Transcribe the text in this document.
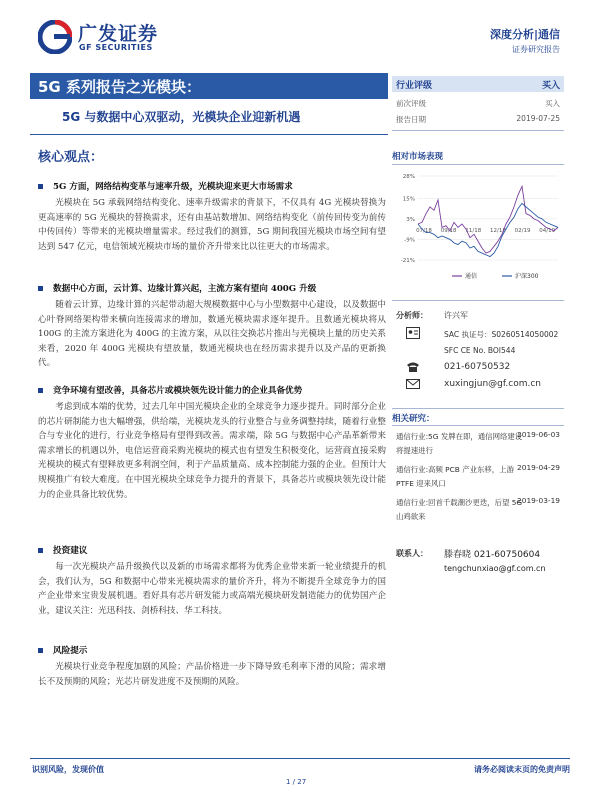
广发证券
GF SECURITIES
深度分析|通信
证券研究报告
5G 系列报告之光模块：
5G 与数据中心双驱动，光模块企业迎新机遇
核心观点：
5G 方面，网络结构变革与速率升级，光模块迎来更大市场需求
光模块在 5G 承载网络结构变化、速率升级需求的背景下，不仅具有 4G 光模块替换为更高速率的 5G 光模块的替换需求，还有由基站数增加、网络结构变化（前传回传变为前传中传回传）等带来的光模块增量需求。经过我们的测算，5G 期间我国光模块市场空间有望达到 547 亿元，电信领域光模块市场的量价齐升带来比以往更大的市场需求。
数据中心方面，云计算、边缘计算兴起，主流方案有望向 400G 升级
随着云计算，边缘计算的兴起带动超大规模数据中心与小型数据中心建设，以及数据中心叶脊网络架构带来横向连接需求的增加，数通光模块需求逐年提升。且数通光模块将从 100G 的主流方案进化为 400G 的主流方案，从以往交换芯片推出与光模块上量的历史关系来看，2020 年 400G 光模块有望放量，数通光模块也在经历需求提升以及产品的更新换代。
竞争环境有望改善，具备芯片或模块领先设计能力的企业具备优势
考虑到成本端的优势，过去几年中国光模块企业的全球竞争力逐步提升。同时部分企业的芯片研制能力也大幅增强，供给端，光模块龙头的行业整合与业务调整持续，随着行业整合与专业化的进行，行业竞争格局有望得到改善。需求端，除 5G 与数据中心产品革新带来需求增长的机遇以外，电信运营商采购光模块的模式也有望发生积极变化，运营商直接采购光模块的模式有望释放更多利润空间，利于产品质量高、成本控制能力强的企业。但预计大规模推广有较大难度。在中国光模块全球竞争力提升的背景下，具备芯片或模块领先设计能力的企业具备比较优势。
投资建议
每一次光模块产品升级换代以及新的市场需求都将为优秀企业带来新一轮业绩提升的机会，我们认为，5G 和数据中心带来光模块需求的量价齐升，将为不断提升全球竞争力的国产企业带来宝贵发展机遇。看好具有芯片研发能力或高端光模块研发制造能力的优势国产企业，建议关注：光迅科技、剑桥科技、华工科技。
风险提示
光模块行业竞争程度加剧的风险；产品价格进一步下降导致毛利率下滑的风险；需求增长不及预期的风险；光芯片研发进度不及预期的风险。
行业评级	买入
前次评级	买入
报告日期	2019-07-25
相对市场表现
28%
15%
3%
-9%
-21%
07/18 09/18 11/18 12/18 02/19 04/19
通信	沪深300
分析师： 许兴军
SAC 执证号：S0260514050002
SFC CE No. BOI544
021-60750532
xuxingjun@gf.com.cn
相关研究：
通信行业:5G 发牌在即，通信网络建设将提速进行
2019-06-03
通信行业:高频 PCB 产业东移，上游 PTFE 迎来风口
2019-04-29
通信行业:回首千载潮沙更迭，后望 5G 山鸡欲来
2019-03-19
联系人： 滕春晓 021-60750604
tengchunxiao@gf.com.cn
识别风险，发现价值	请务必阅读末页的免责声明
1 / 27
